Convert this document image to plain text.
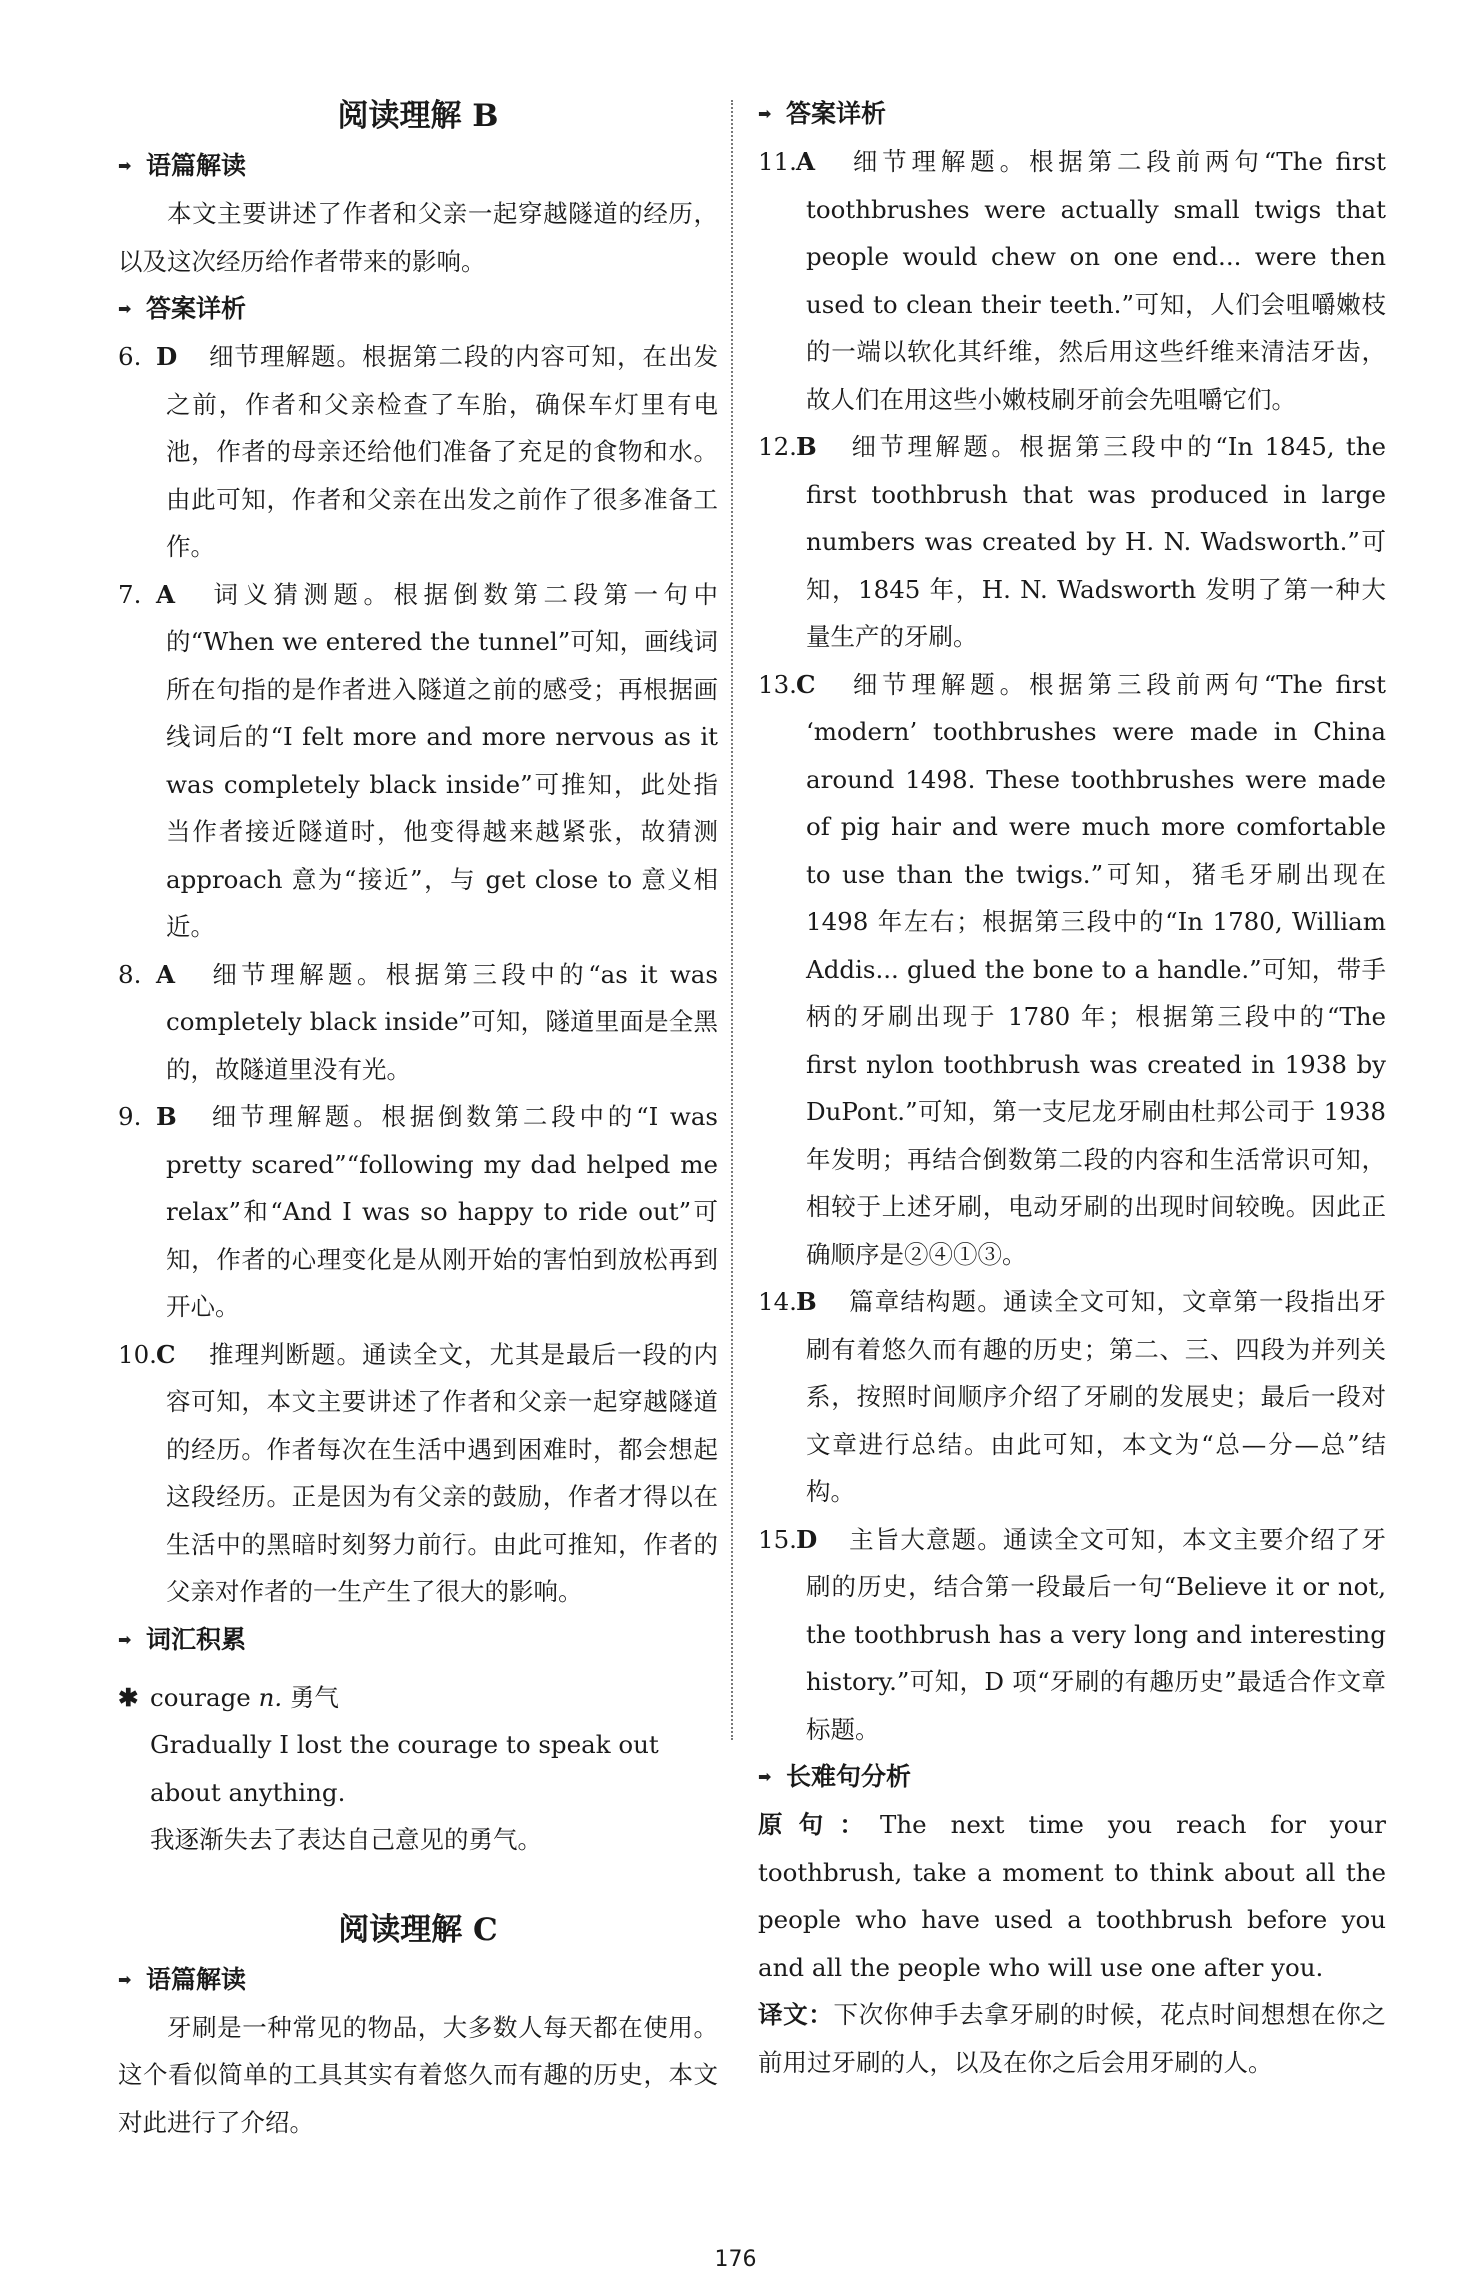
阅读理解 B
➡ 语篇解读

本文主要讲述了作者和父亲一起穿越隧道的经历，以及这次经历给作者带来的影响。

➡ 答案详析

6. D 细节理解题。根据第二段的内容可知，在出发之前，作者和父亲检查了车胎，确保车灯里有电池，作者的母亲还给他们准备了充足的食物和水。由此可知，作者和父亲在出发之前作了很多准备工作。

7. A 词义猜测题。根据倒数第二段第一句中的“When we entered the tunnel”可知，画线词所在句指的是作者进入隧道之前的感受；再根据画线词后的“I felt more and more nervous as it was completely black inside”可推知，此处指当作者接近隧道时，他变得越来越紧张，故猜测 approach 意为“接近”，与 get close to 意义相近。

8. A 细节理解题。根据第三段中的“as it was completely black inside”可知，隧道里面是全黑的，故隧道里没有光。

9. B 细节理解题。根据倒数第二段中的“I was pretty scared”“following my dad helped me relax”和“And I was so happy to ride out”可知，作者的心理变化是从刚开始的害怕到放松再到开心。

10.C 推理判断题。通读全文，尤其是最后一段的内容可知，本文主要讲述了作者和父亲一起穿越隧道的经历。作者每次在生活中遇到困难时，都会想起这段经历。正是因为有父亲的鼓励，作者才得以在生活中的黑暗时刻努力前行。由此可推知，作者的父亲对作者的一生产生了很大的影响。

➡ 词汇积累

✱ courage n. 勇气

Gradually I lost the courage to speak out about anything.

我逐渐失去了表达自己意见的勇气。

阅读理解 C
➡ 语篇解读

牙刷是一种常见的物品，大多数人每天都在使用。这个看似简单的工具其实有着悠久而有趣的历史，本文对此进行了介绍。

➡ 答案详析

11.A 细节理解题。根据第二段前两句“The first toothbrushes were actually small twigs that people would chew on one end... were then used to clean their teeth.”可知，人们会咀嚼嫩枝的一端以软化其纤维，然后用这些纤维来清洁牙齿，故人们在用这些小嫩枝刷牙前会先咀嚼它们。

12.B 细节理解题。根据第三段中的“In 1845, the first toothbrush that was produced in large numbers was created by H. N. Wadsworth.”可知，1845 年，H. N. Wadsworth 发明了第一种大量生产的牙刷。

13.C 细节理解题。根据第三段前两句“The first ‘modern’ toothbrushes were made in China around 1498. These toothbrushes were made of pig hair and were much more comfortable to use than the twigs.”可知，猪毛牙刷出现在 1498 年左右；根据第三段中的“In 1780, William Addis... glued the bone to a handle.”可知，带手柄的牙刷出现于 1780 年；根据第三段中的“The first nylon toothbrush was created in 1938 by DuPont.”可知，第一支尼龙牙刷由杜邦公司于 1938 年发明；再结合倒数第二段的内容和生活常识可知，相较于上述牙刷，电动牙刷的出现时间较晚。因此正确顺序是②④①③。

14.B 篇章结构题。通读全文可知，文章第一段指出牙刷有着悠久而有趣的历史；第二、三、四段为并列关系，按照时间顺序介绍了牙刷的发展史；最后一段对文章进行总结。由此可知，本文为“总—分—总”结构。

15.D 主旨大意题。通读全文可知，本文主要介绍了牙刷的历史，结合第一段最后一句“Believe it or not, the toothbrush has a very long and interesting history.”可知，D 项“牙刷的有趣历史”最适合作文章标题。

➡ 长难句分析

原句：The next time you reach for your toothbrush, take a moment to think about all the people who have used a toothbrush before you and all the people who will use one after you.

译文：下次你伸手去拿牙刷的时候，花点时间想想在你之前用过牙刷的人，以及在你之后会用牙刷的人。

176
